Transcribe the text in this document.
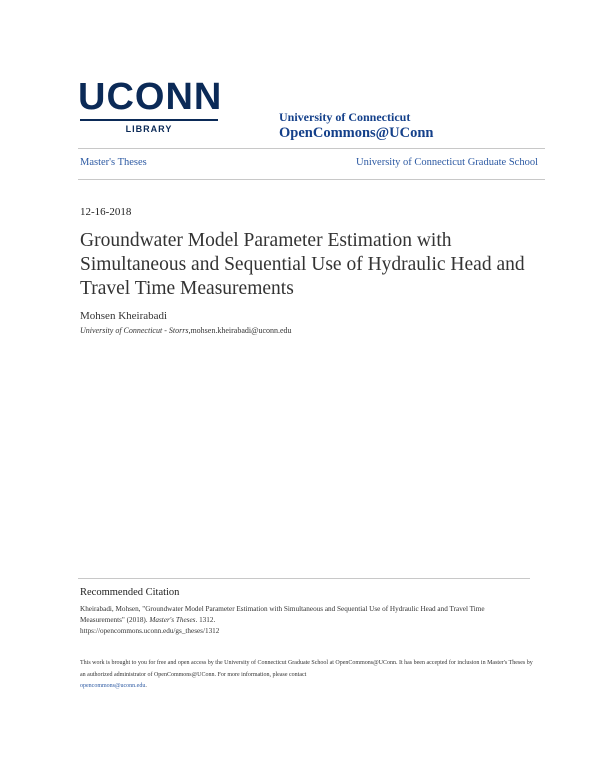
UCONN
LIBRARY
University of Connecticut
OpenCommons@UConn
Master's Theses	University of Connecticut Graduate School
12-16-2018
Groundwater Model Parameter Estimation with Simultaneous and Sequential Use of Hydraulic Head and Travel Time Measurements
Mohsen Kheirabadi
University of Connecticut - Storrs,mohsen.kheirabadi@uconn.edu
Recommended Citation
Kheirabadi, Mohsen, "Groundwater Model Parameter Estimation with Simultaneous and Sequential Use of Hydraulic Head and Travel Time Measurements" (2018). Master's Theses. 1312.
https://opencommons.uconn.edu/gs_theses/1312
This work is brought to you for free and open access by the University of Connecticut Graduate School at OpenCommons@UConn. It has been accepted for inclusion in Master's Theses by an authorized administrator of OpenCommons@UConn. For more information, please contact
opencommons@uconn.edu.
